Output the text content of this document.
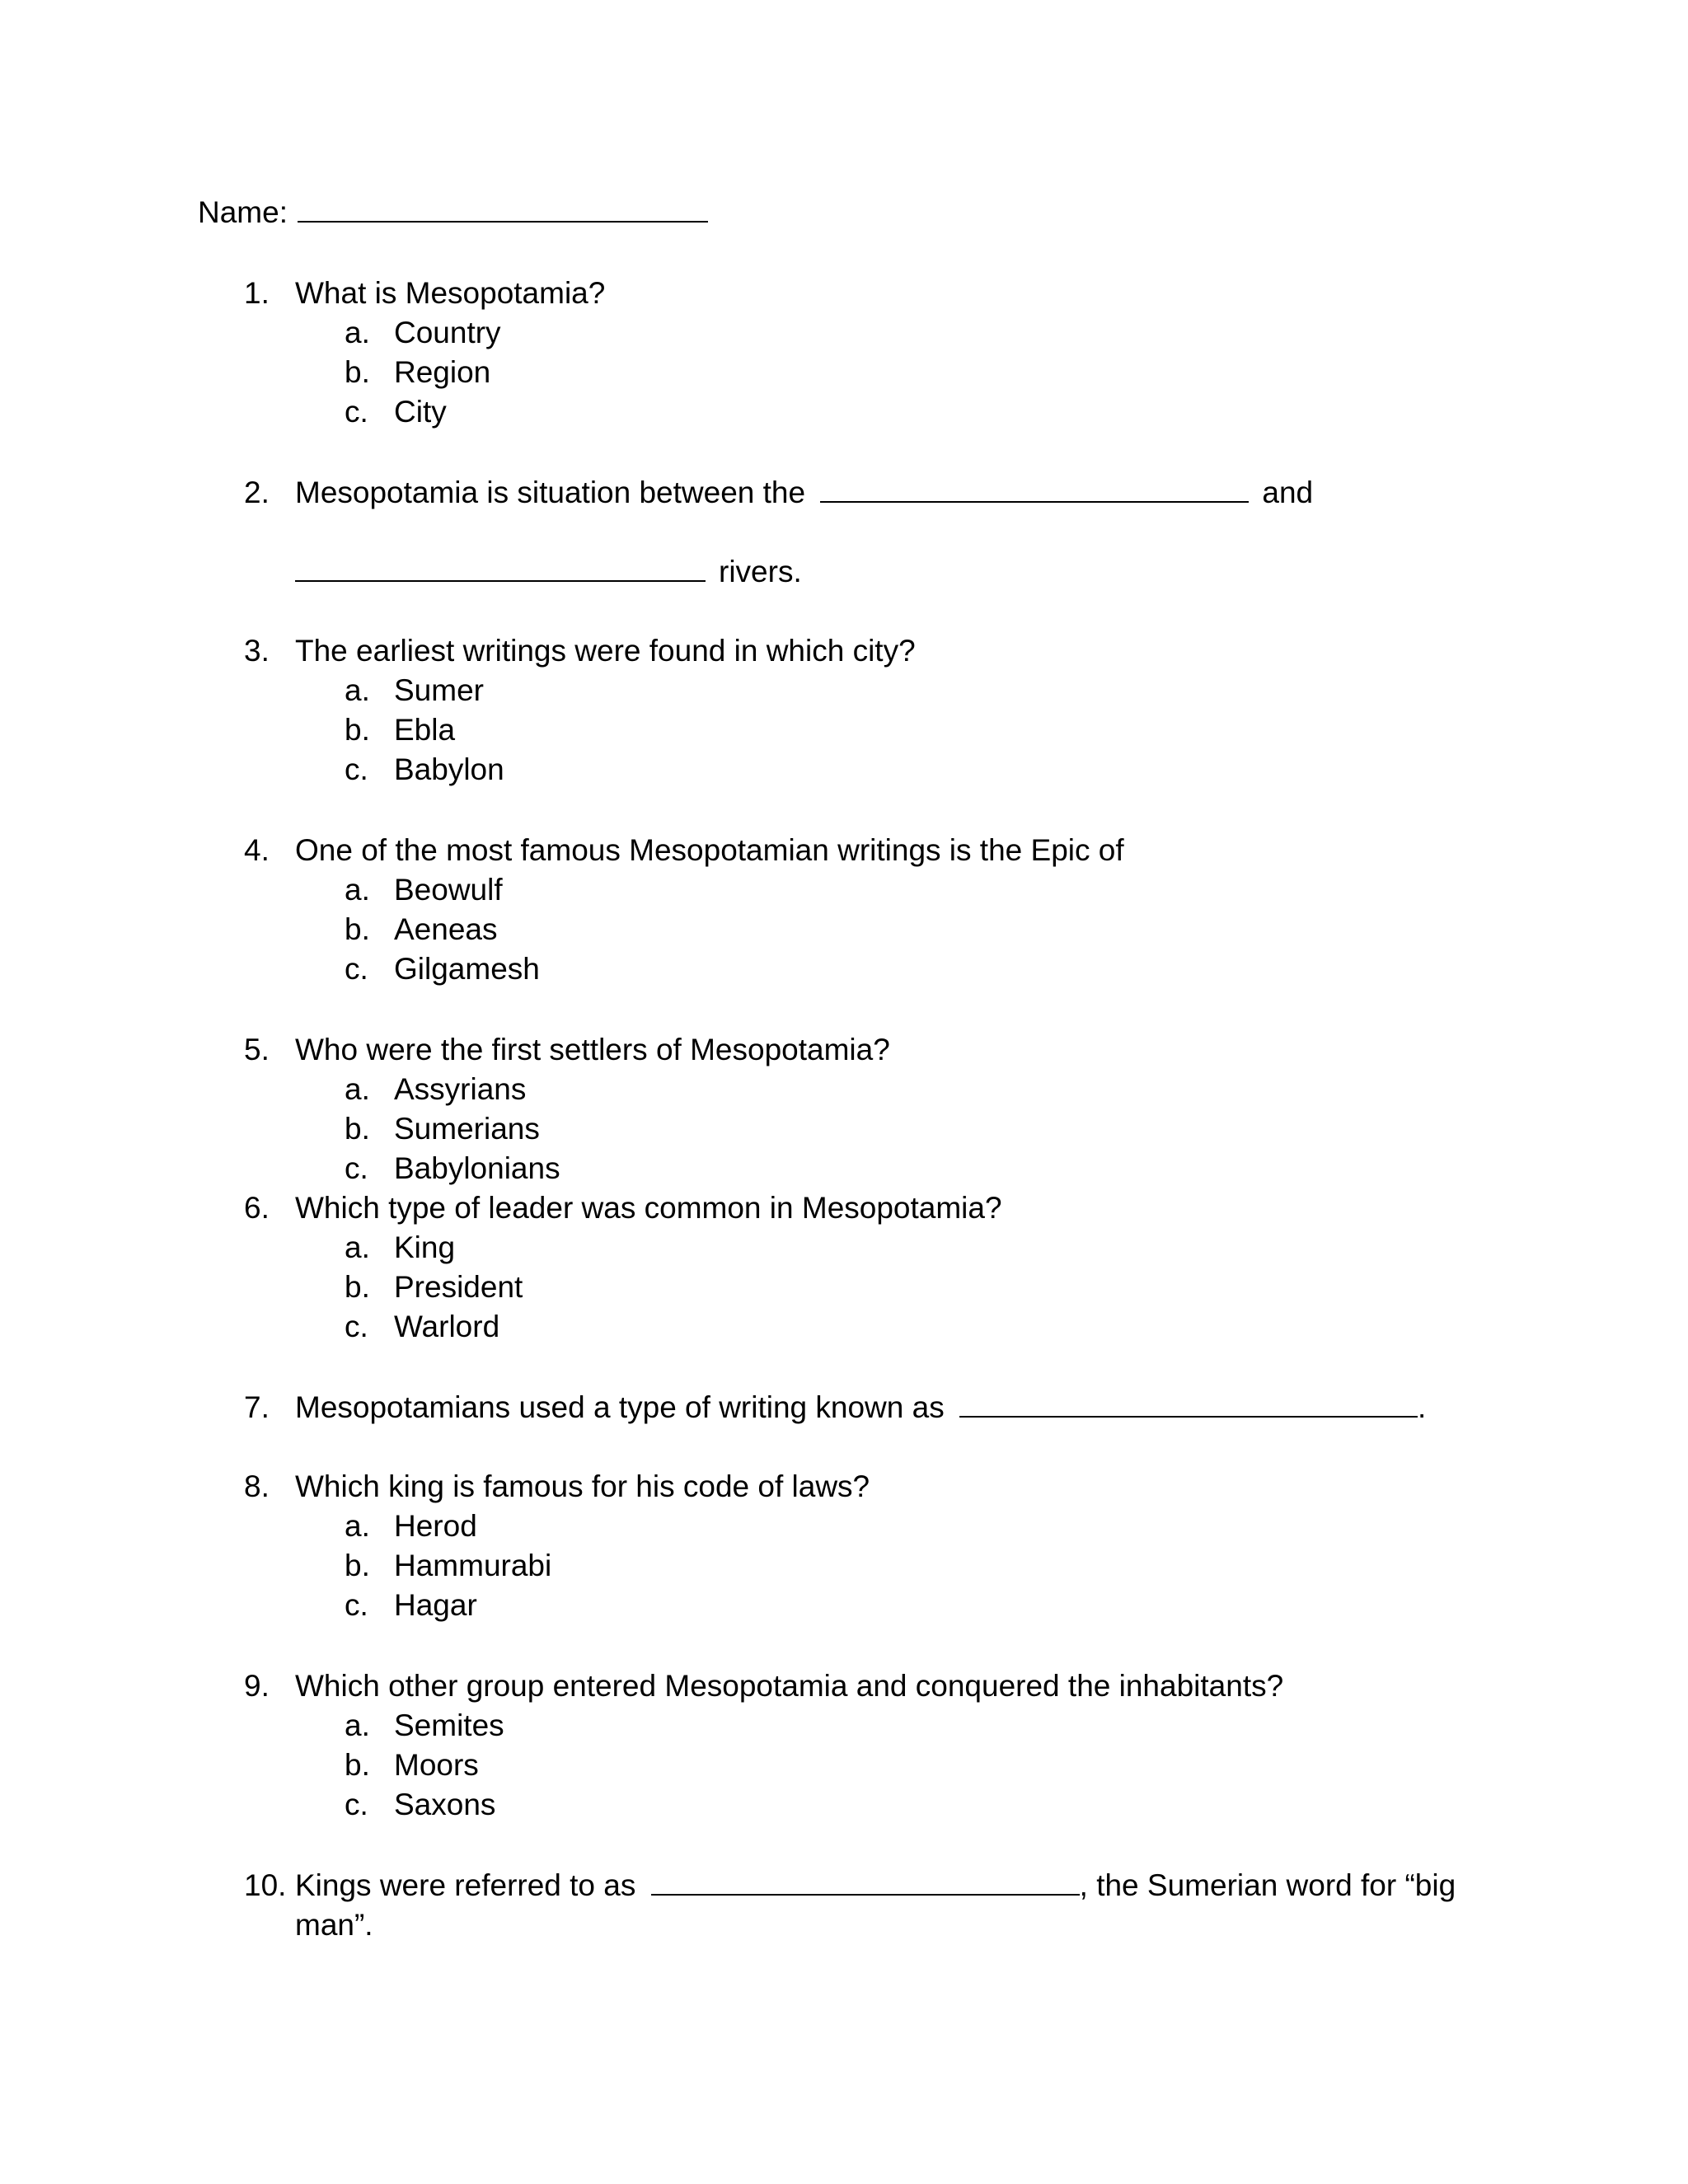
Name:
1. What is Mesopotamia?
a. Country
b. Region
c. City
2. Mesopotamia is situation between the	and
rivers.
3. The earliest writings were found in which city?
a. Sumer
b. Ebla
c. Babylon
4. One of the most famous Mesopotamian writings is the Epic of
a. Beowulf
b. Aeneas
c. Gilgamesh
5. Who were the first settlers of Mesopotamia?
a. Assyrians
b. Sumerians
c. Babylonians
6. Which type of leader was common in Mesopotamia?
a. King
b. President
c. Warlord
7. Mesopotamians used a type of writing known as	.
8. Which king is famous for his code of laws?
a. Herod
b. Hammurabi
c. Hagar
9. Which other group entered Mesopotamia and conquered the inhabitants?
a. Semites
b. Moors
c. Saxons
10. Kings were referred to as	, the Sumerian word for “big
man”.
